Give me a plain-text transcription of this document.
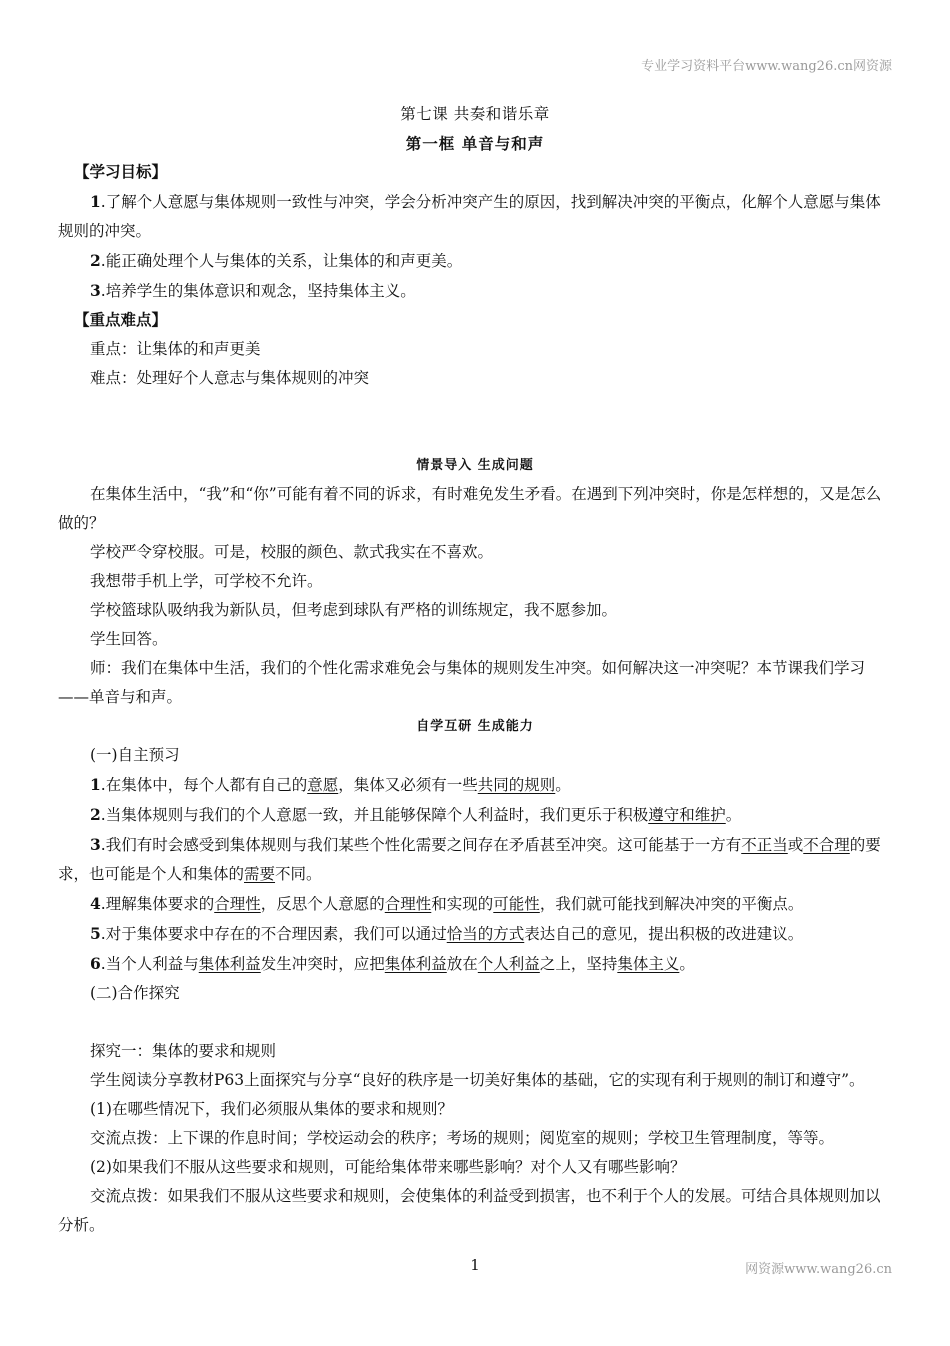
专业学习资料平台www.wang26.cn网资源
第七课 共奏和谐乐章
第一框 单音与和声
【学习目标】

1.了解个人意愿与集体规则一致性与冲突，学会分析冲突产生的原因，找到解决冲突的平衡点，化解个人意愿与集体规则的冲突。

2.能正确处理个人与集体的关系，让集体的和声更美。

3.培养学生的集体意识和观念，坚持集体主义。

【重点难点】

重点：让集体的和声更美

难点：处理好个人意志与集体规则的冲突

情景导入 生成问题

在集体生活中，“我”和“你”可能有着不同的诉求，有时难免发生矛看。在遇到下列冲突时，你是怎样想的，又是怎么做的？

学校严令穿校服。可是，校服的颜色、款式我实在不喜欢。

我想带手机上学，可学校不允许。

学校篮球队吸纳我为新队员，但考虑到球队有严格的训练规定，我不愿参加。

学生回答。

师：我们在集体中生活，我们的个性化需求难免会与集体的规则发生冲突。如何解决这一冲突呢？本节课我们学习——单音与和声。

自学互研 生成能力

(一)自主预习

1.在集体中，每个人都有自己的意愿，集体又必须有一些共同的规则。

2.当集体规则与我们的个人意愿一致，并且能够保障个人利益时，我们更乐于积极遵守和维护。

3.我们有时会感受到集体规则与我们某些个性化需要之间存在矛盾甚至冲突。这可能基于一方有不正当或不合理的要求，也可能是个人和集体的需要不同。

4.理解集体要求的合理性，反思个人意愿的合理性和实现的可能性，我们就可能找到解决冲突的平衡点。

5.对于集体要求中存在的不合理因素，我们可以通过恰当的方式表达自己的意见，提出积极的改进建议。

6.当个人利益与集体利益发生冲突时，应把集体利益放在个人利益之上，坚持集体主义。

(二)合作探究

探究一：集体的要求和规则

学生阅读分享教材P63上面探究与分享“良好的秩序是一切美好集体的基础，它的实现有利于规则的制订和遵守”。

(1)在哪些情况下，我们必须服从集体的要求和规则？

交流点拨：上下课的作息时间；学校运动会的秩序；考场的规则；阅览室的规则；学校卫生管理制度，等等。

(2)如果我们不服从这些要求和规则，可能给集体带来哪些影响？对个人又有哪些影响？

交流点拨：如果我们不服从这些要求和规则，会使集体的利益受到损害，也不利于个人的发展。可结合具体规则加以分析。

1	网资源www.wang26.cn
